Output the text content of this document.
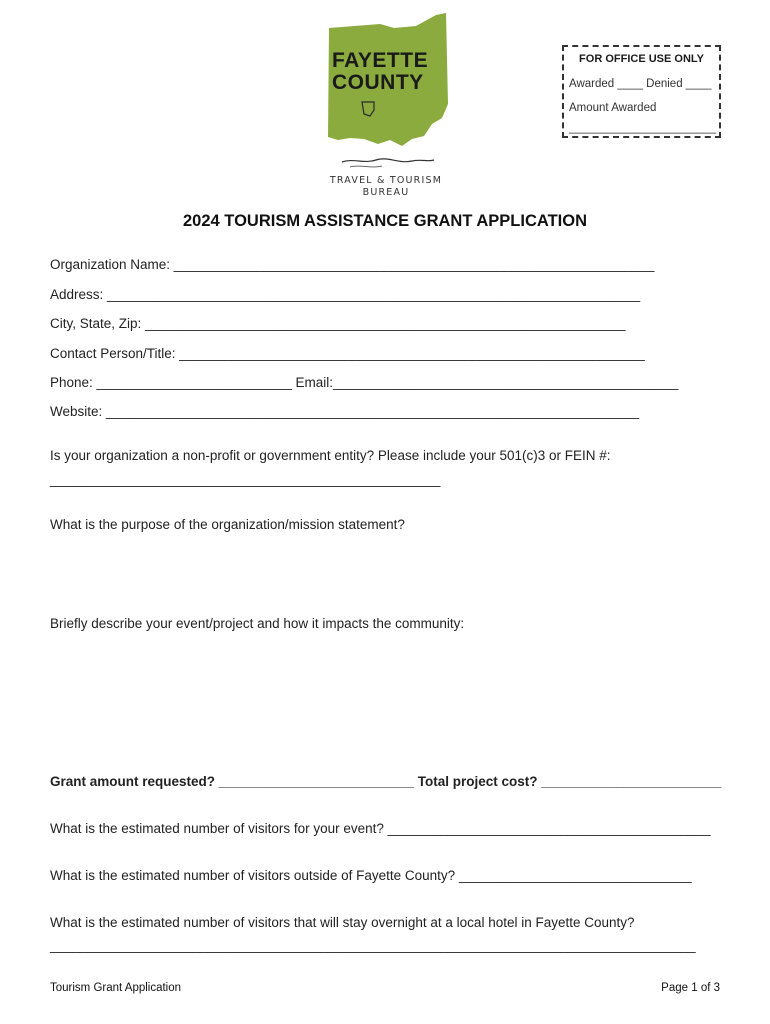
FAYETTE
COUNTY
TRAVEL & TOURISM
BUREAU
FOR OFFICE USE ONLY
Awarded ____ Denied ____
Amount Awarded
_______________________
2024 TOURISM ASSISTANCE GRANT APPLICATION
Organization Name: ________________________________________________________________
Address: _______________________________________________________________________
City, State, Zip: ________________________________________________________________
Contact Person/Title: ______________________________________________________________
Phone: __________________________ Email:______________________________________________
Website: _______________________________________________________________________
Is your organization a non-profit or government entity? Please include your 501(c)3 or FEIN #:
____________________________________________________
What is the purpose of the organization/mission statement?
Briefly describe your event/project and how it impacts the community:
Grant amount requested? __________________________ Total project cost? ________________________
What is the estimated number of visitors for your event? ___________________________________________
What is the estimated number of visitors outside of Fayette County? _______________________________
What is the estimated number of visitors that will stay overnight at a local hotel in Fayette County?
______________________________________________________________________________________
Tourism Grant Application	Page 1 of 3
